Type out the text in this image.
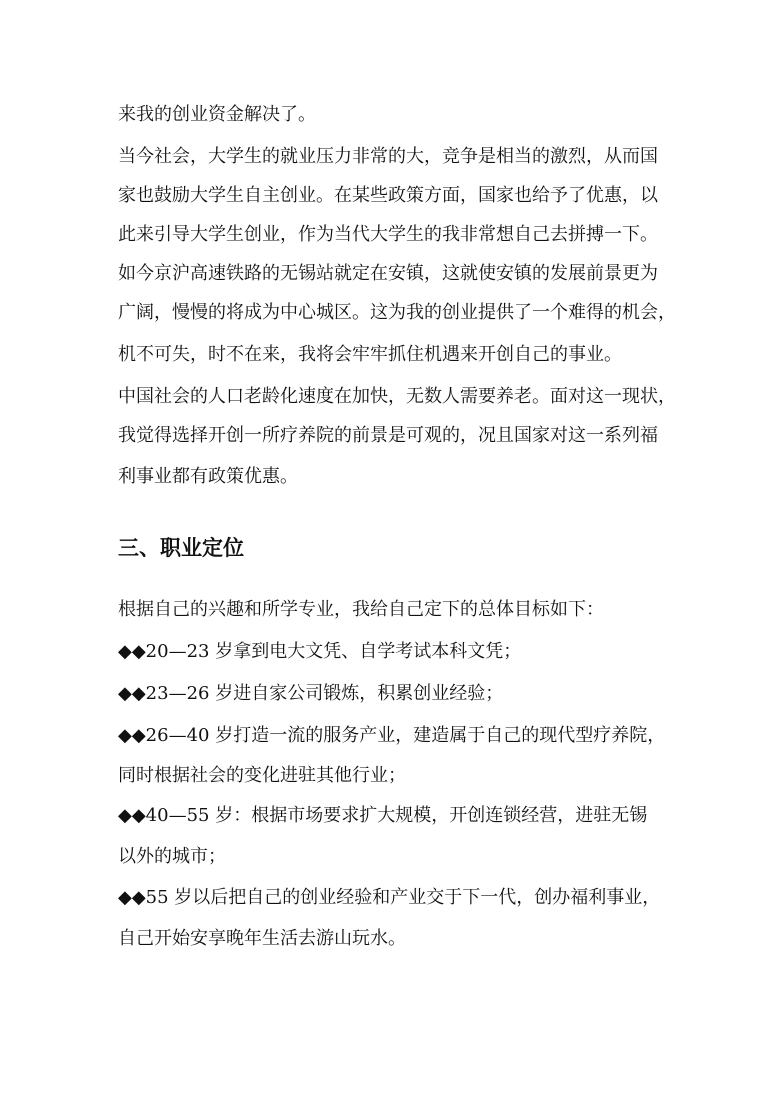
来我的创业资金解决了。
当今社会，大学生的就业压力非常的大，竞争是相当的激烈，从而国
家也鼓励大学生自主创业。在某些政策方面，国家也给予了优惠，以
此来引导大学生创业，作为当代大学生的我非常想自己去拼搏一下。
如今京沪高速铁路的无锡站就定在安镇，这就使安镇的发展前景更为
广阔，慢慢的将成为中心城区。这为我的创业提供了一个难得的机会，
机不可失，时不在来，我将会牢牢抓住机遇来开创自己的事业。
中国社会的人口老龄化速度在加快，无数人需要养老。面对这一现状，
我觉得选择开创一所疗养院的前景是可观的，况且国家对这一系列福
利事业都有政策优惠。
三、职业定位
根据自己的兴趣和所学专业，我给自己定下的总体目标如下：
◆◆20—23 岁拿到电大文凭、自学考试本科文凭；
◆◆23—26 岁进自家公司锻炼，积累创业经验；
◆◆26—40 岁打造一流的服务产业，建造属于自己的现代型疗养院，
同时根据社会的变化进驻其他行业；
◆◆40—55 岁：根据市场要求扩大规模，开创连锁经营，进驻无锡
以外的城市；
◆◆55 岁以后把自己的创业经验和产业交于下一代，创办福利事业，
自己开始安享晚年生活去游山玩水。
